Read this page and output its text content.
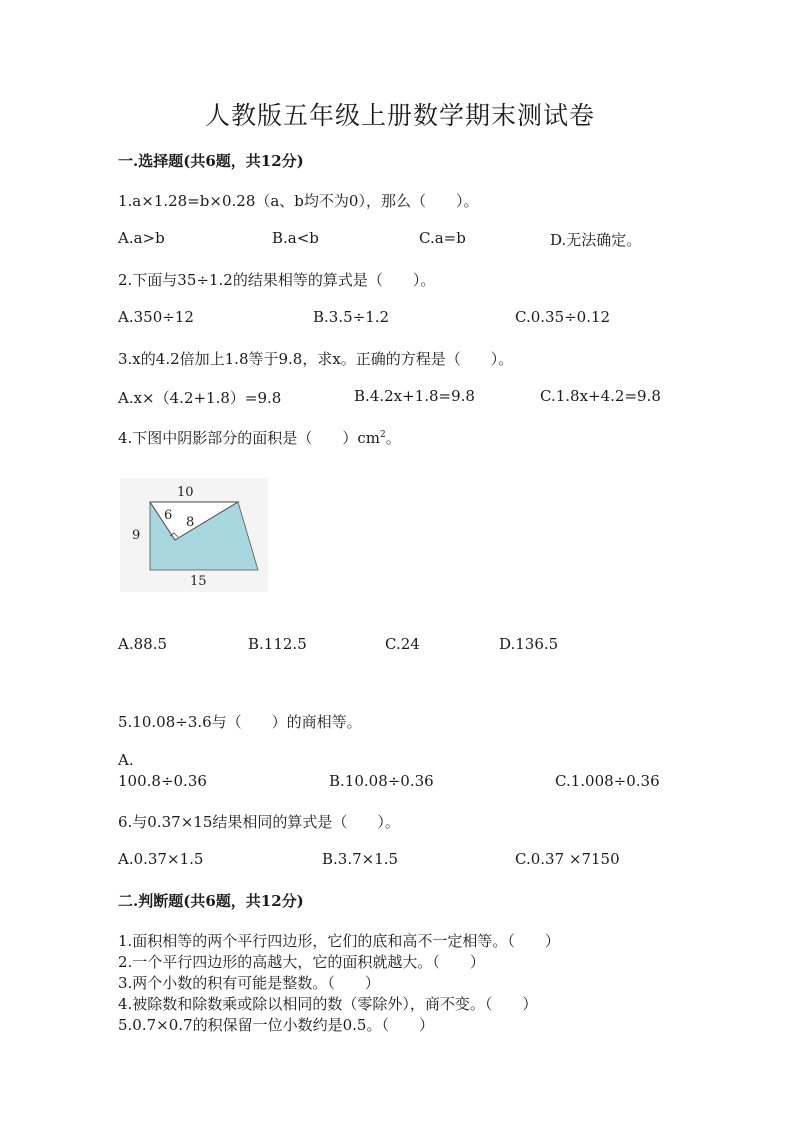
人教版五年级上册数学期末测试卷
一.选择题(共6题，共12分)
1.a×1.28=b×0.28（a、b均不为0），那么（　　）。
A.a>b	B.a<b	C.a=b	D.无法确定。
2.下面与35÷1.2的结果相等的算式是（　　）。
A.350÷12	B.3.5÷1.2	C.0.35÷0.12
3.x的4.2倍加上1.8等于9.8，求x。正确的方程是（　　）。
A.x×（4.2+1.8）=9.8	B.4.2x+1.8=9.8	C.1.8x+4.2=9.8
4.下图中阴影部分的面积是（　　）$cm^2$。
10
9
15
6 8
A.88.5	B.112.5	C.24	D.136.5
5.10.08÷3.6与（　　）的商相等。
A.
100.8÷0.36	B.10.08÷0.36	C.1.008÷0.36
6.与0.37×15结果相同的算式是（　　）。
A.0.37×1.5	B.3.7×1.5	C.0.37 ×7150
二.判断题(共6题，共12分)
1.面积相等的两个平行四边形，它们的底和高不一定相等。（　　）
2.一个平行四边形的高越大，它的面积就越大。（　　）
3.两个小数的积有可能是整数。（　　）
4.被除数和除数乘或除以相同的数（零除外），商不变。（　　）
5.0.7×0.7的积保留一位小数约是0.5。（　　）
